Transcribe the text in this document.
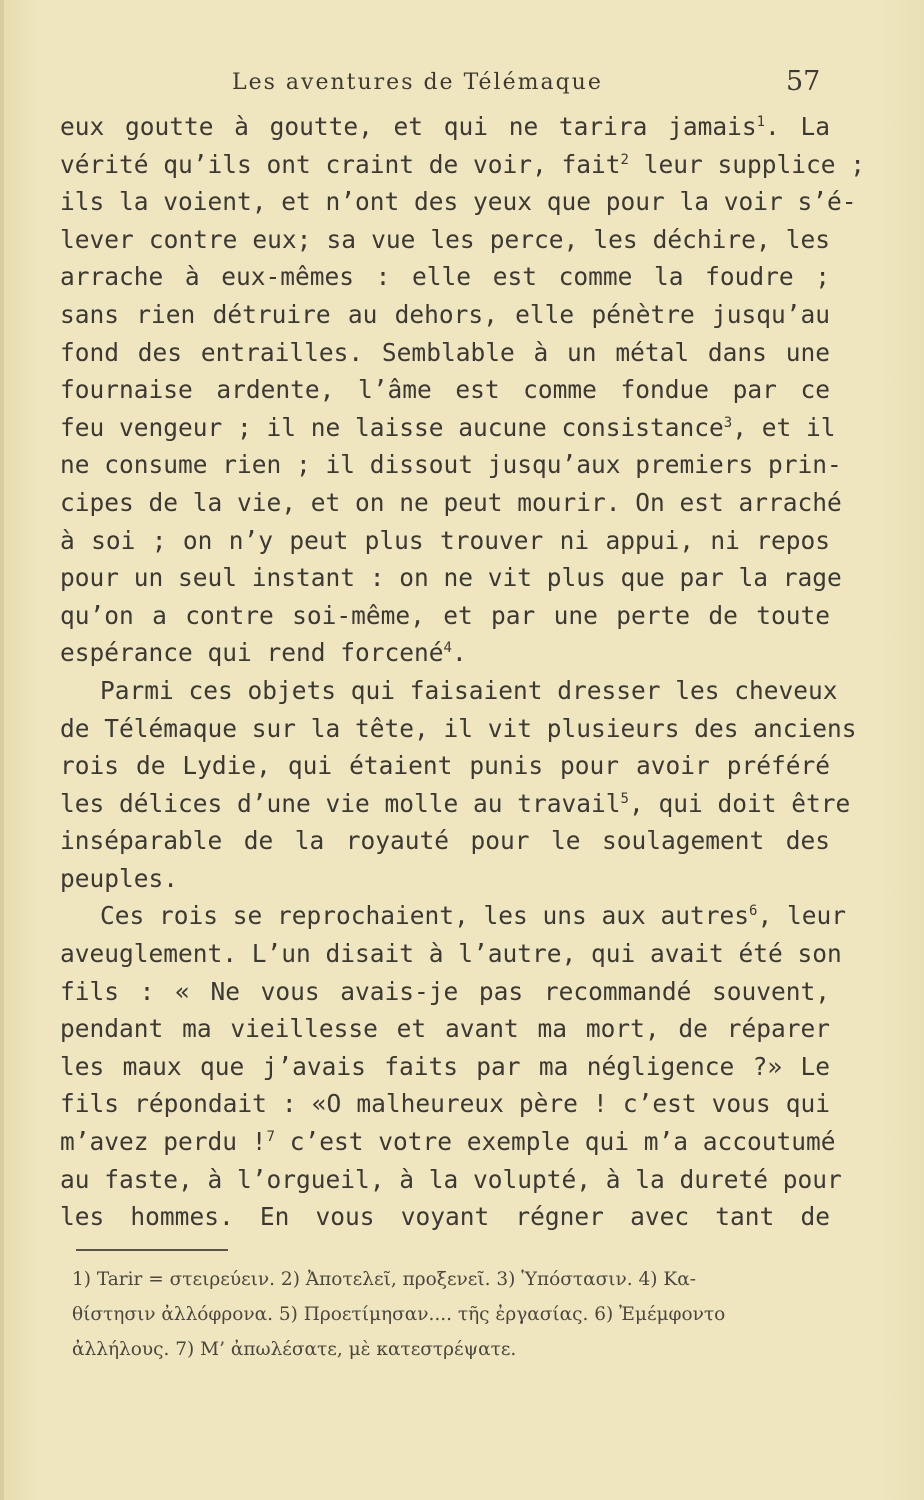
Les aventures de Télémaque	57
eux goutte à goutte, et qui ne tarira jamais$^1$. La
vérité qu’ils ont craint de voir, fait$^2$ leur supplice ;
ils la voient, et n’ont des yeux que pour la voir s’é-
lever contre eux; sa vue les perce, les déchire, les
arrache à eux-mêmes : elle est comme la foudre ;
sans rien détruire au dehors, elle pénètre jusqu’au
fond des entrailles. Semblable à un métal dans une
fournaise ardente, l’âme est comme fondue par ce
feu vengeur ; il ne laisse aucune consistance$^3$, et il
ne consume rien ; il dissout jusqu’aux premiers prin-
cipes de la vie, et on ne peut mourir. On est arraché
à soi ; on n’y peut plus trouver ni appui, ni repos
pour un seul instant : on ne vit plus que par la rage
qu’on a contre soi-même, et par une perte de toute
espérance qui rend forcené$^4$.
Parmi ces objets qui faisaient dresser les cheveux
de Télémaque sur la tête, il vit plusieurs des anciens
rois de Lydie, qui étaient punis pour avoir préféré
les délices d’une vie molle au travail$^5$, qui doit être
inséparable de la royauté pour le soulagement des
peuples.
Ces rois se reprochaient, les uns aux autres$^6$, leur
aveuglement. L’un disait à l’autre, qui avait été son
fils : « Ne vous avais-je pas recommandé souvent,
pendant ma vieillesse et avant ma mort, de réparer
les maux que j’avais faits par ma négligence ?» Le
fils répondait : «O malheureux père ! c’est vous qui
m’avez perdu !$^7$ c’est votre exemple qui m’a accoutumé
au faste, à l’orgueil, à la volupté, à la dureté pour
les hommes. En vous voyant régner avec tant de
1) Tarir = στειρεύειν. 2) Ἀποτελεῖ, προξενεῖ. 3) Ὑπόστασιν. 4) Κα-
θίστησιν ἀλλόφρονα. 5) Προετίμησαν.... τῆς ἐργασίας. 6) Ἐμέμφοντο
ἀλλήλους. 7) Μ’ ἀπωλέσατε, μὲ κατεστρέψατε.
